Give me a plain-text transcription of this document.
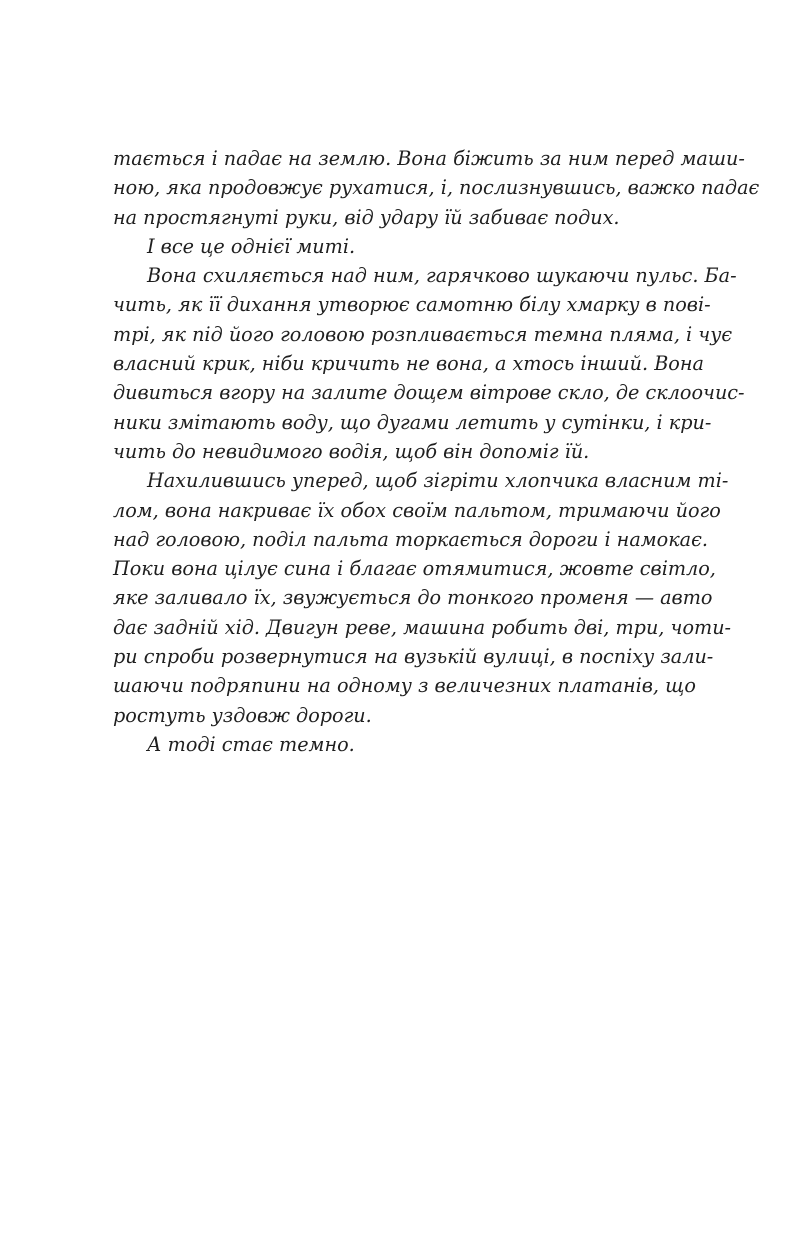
тається і падає на землю. Вона біжить за ним перед маши-
ною, яка продовжує рухатися, і, послизнувшись, важко падає
на простягнуті руки, від удару їй забиває подих.

І все це однієї миті.

Вона схиляється над ним, гарячково шукаючи пульс. Ба-
чить, як її дихання утворює самотню білу хмарку в пові-
трі, як під його головою розпливається темна пляма, і чує
власний крик, ніби кричить не вона, а хтось інший. Вона
дивиться вгору на залите дощем вітрове скло, де склоочис-
ники змітають воду, що дугами летить у сутінки, і кри-
чить до невидимого водія, щоб він допоміг їй.

Нахилившись уперед, щоб зігріти хлопчика власним ті-
лом, вона накриває їх обох своїм пальтом, тримаючи його
над головою, поділ пальта торкається дороги і намокає.
Поки вона цілує сина і благає отямитися, жовте світло,
яке заливало їх, звужується до тонкого променя — авто
дає задній хід. Двигун реве, машина робить дві, три, чоти-
ри спроби розвернутися на вузькій вулиці, в поспіху зали-
шаючи подряпини на одному з величезних платанів, що
ростуть уздовж дороги.

А тоді стає темно.
